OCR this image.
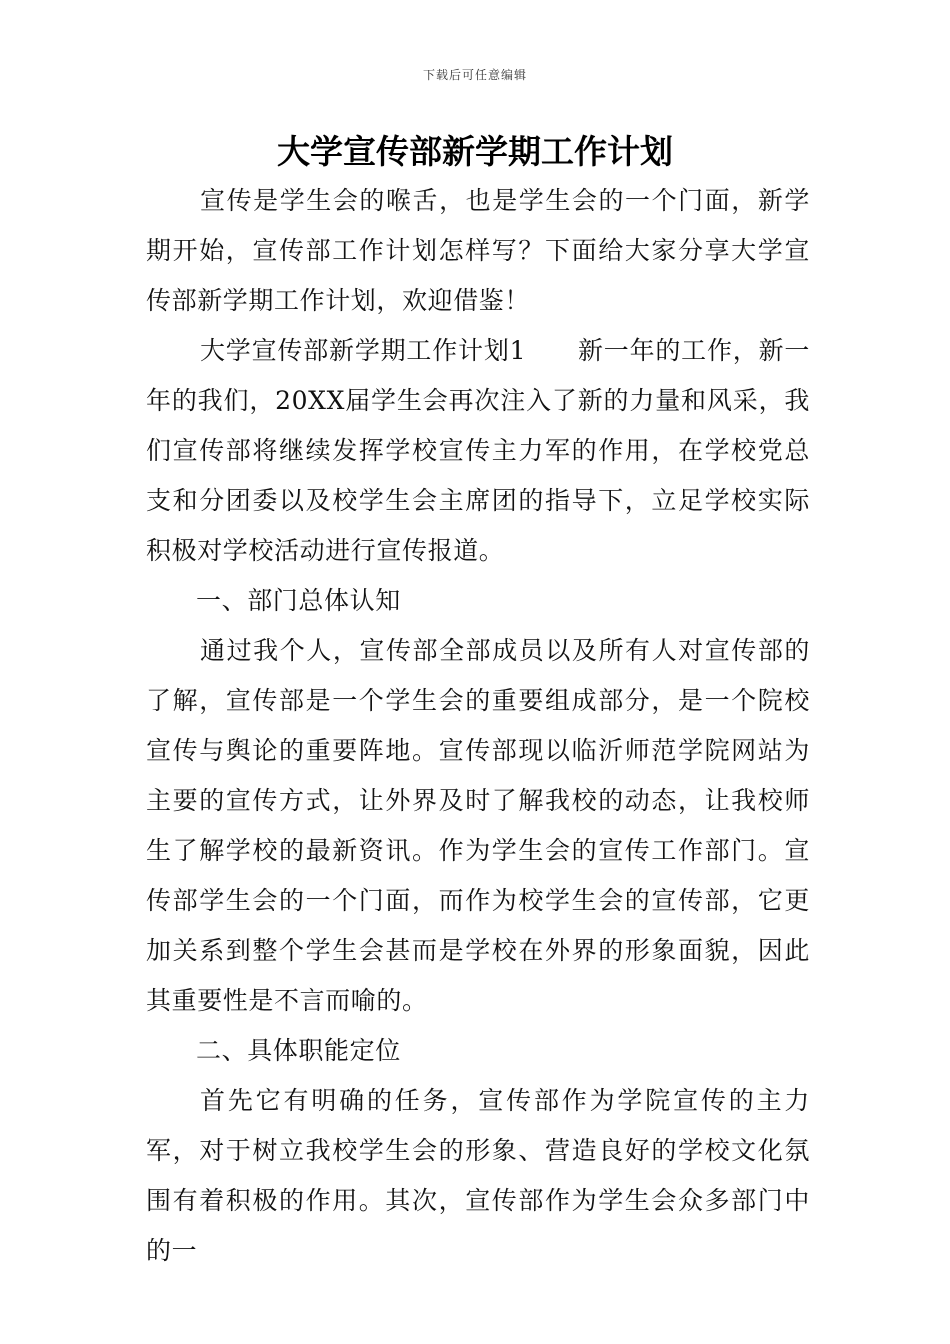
下载后可任意编辑
大学宣传部新学期工作计划

宣传是学生会的喉舌，也是学生会的一个门面，新学期开始，宣传部工作计划怎样写？下面给大家分享大学宣传部新学期工作计划，欢迎借鉴！

大学宣传部新学期工作计划1　　新一年的工作，新一年的我们，20XX届学生会再次注入了新的力量和风采，我们宣传部将继续发挥学校宣传主力军的作用，在学校党总支和分团委以及校学生会主席团的指导下，立足学校实际积极对学校活动进行宣传报道。

一、部门总体认知

通过我个人，宣传部全部成员以及所有人对宣传部的了解，宣传部是一个学生会的重要组成部分，是一个院校宣传与舆论的重要阵地。宣传部现以临沂师范学院网站为主要的宣传方式，让外界及时了解我校的动态，让我校师生了解学校的最新资讯。作为学生会的宣传工作部门。宣传部学生会的一个门面，而作为校学生会的宣传部，它更加关系到整个学生会甚而是学校在外界的形象面貌，因此其重要性是不言而喻的。

二、具体职能定位

首先它有明确的任务，宣传部作为学院宣传的主力军，对于树立我校学生会的形象、营造良好的学校文化氛围有着积极的作用。其次，宣传部作为学生会众多部门中的一
